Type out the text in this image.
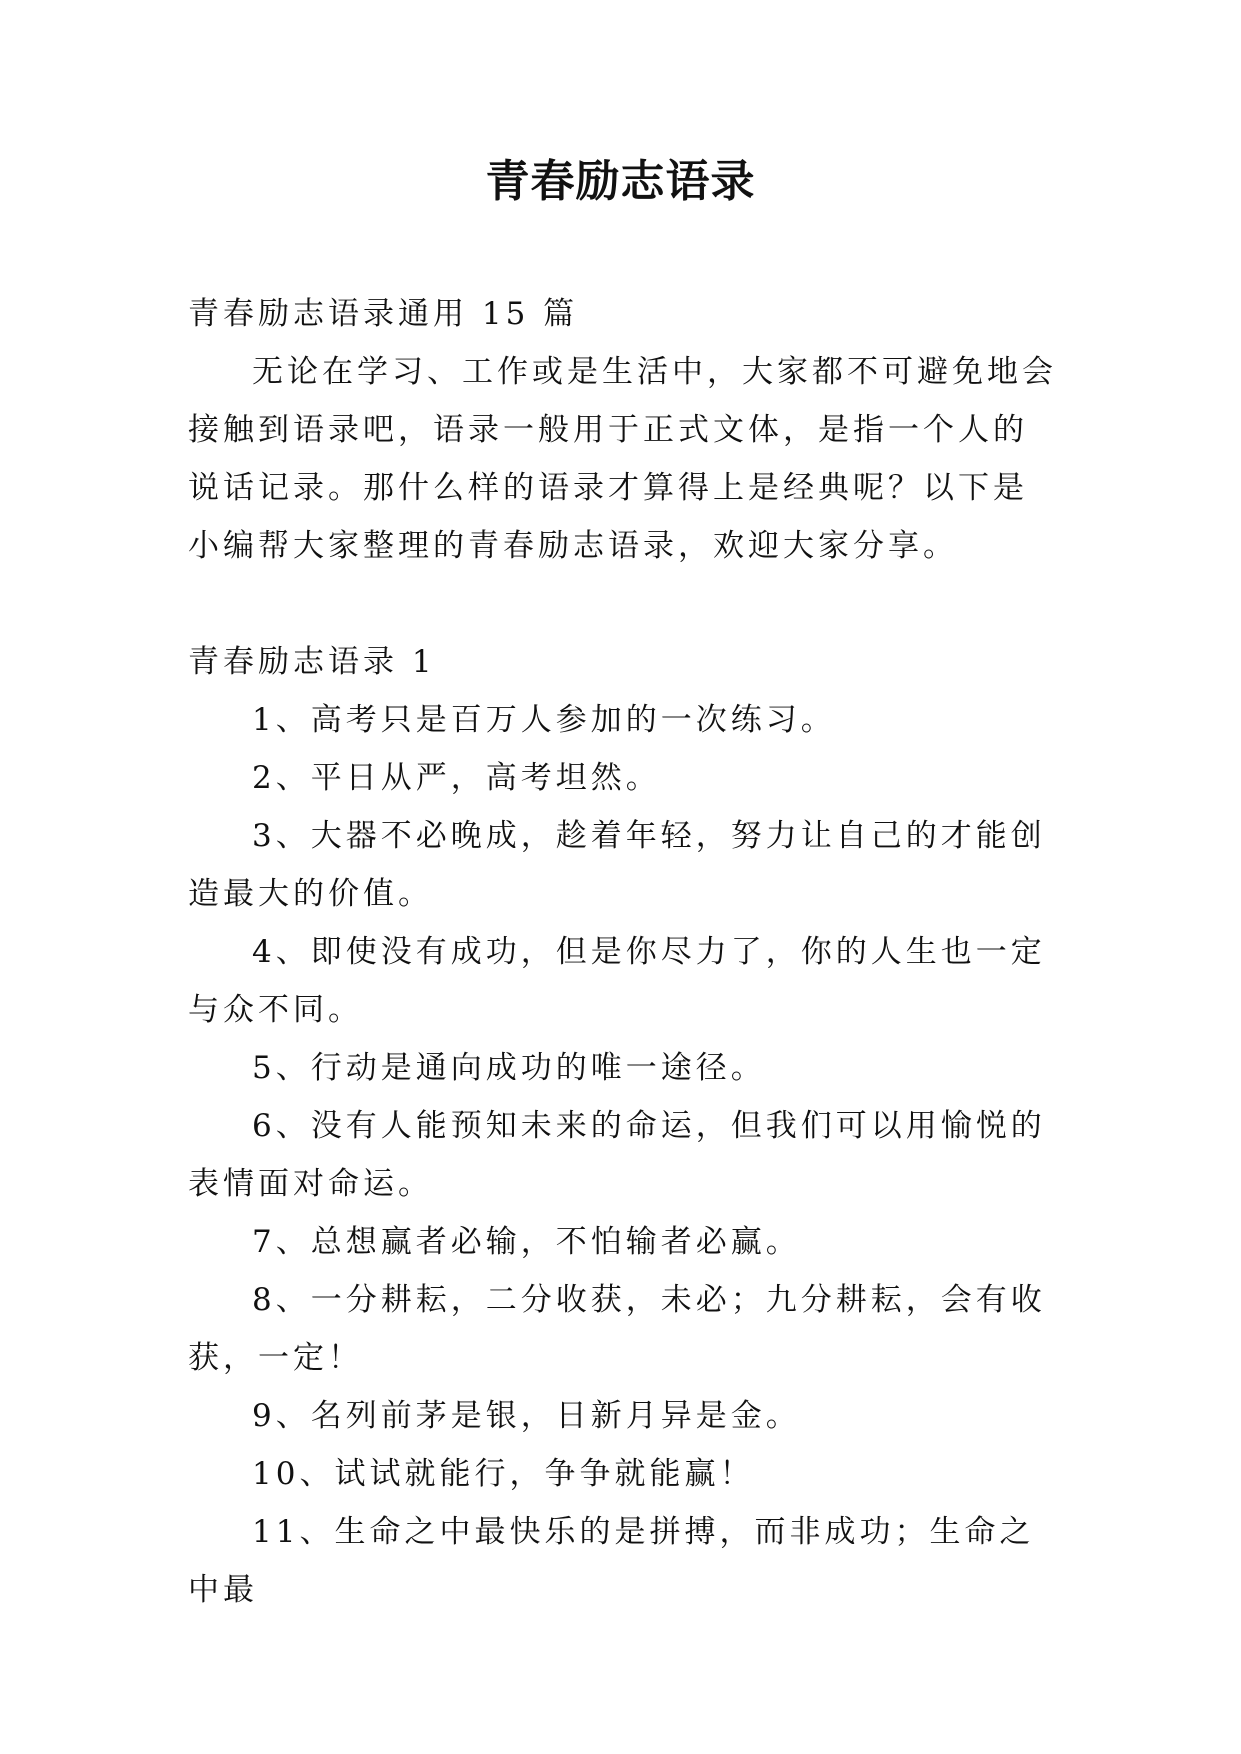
青春励志语录

青春励志语录通用 15 篇

无论在学习、工作或是生活中，大家都不可避免地会接触到语录吧，语录一般用于正式文体，是指一个人的说话记录。那什么样的语录才算得上是经典呢？以下是小编帮大家整理的青春励志语录，欢迎大家分享。

青春励志语录 1

1、高考只是百万人参加的一次练习。

2、平日从严，高考坦然。

3、大器不必晚成，趁着年轻，努力让自己的才能创造最大的价值。

4、即使没有成功，但是你尽力了，你的人生也一定与众不同。

5、行动是通向成功的唯一途径。

6、没有人能预知未来的命运，但我们可以用愉悦的表情面对命运。

7、总想赢者必输，不怕输者必赢。

8、一分耕耘，二分收获，未必；九分耕耘，会有收获，一定！

9、名列前茅是银，日新月异是金。

10、试试就能行，争争就能赢！

11、生命之中最快乐的是拼搏，而非成功；生命之中最
